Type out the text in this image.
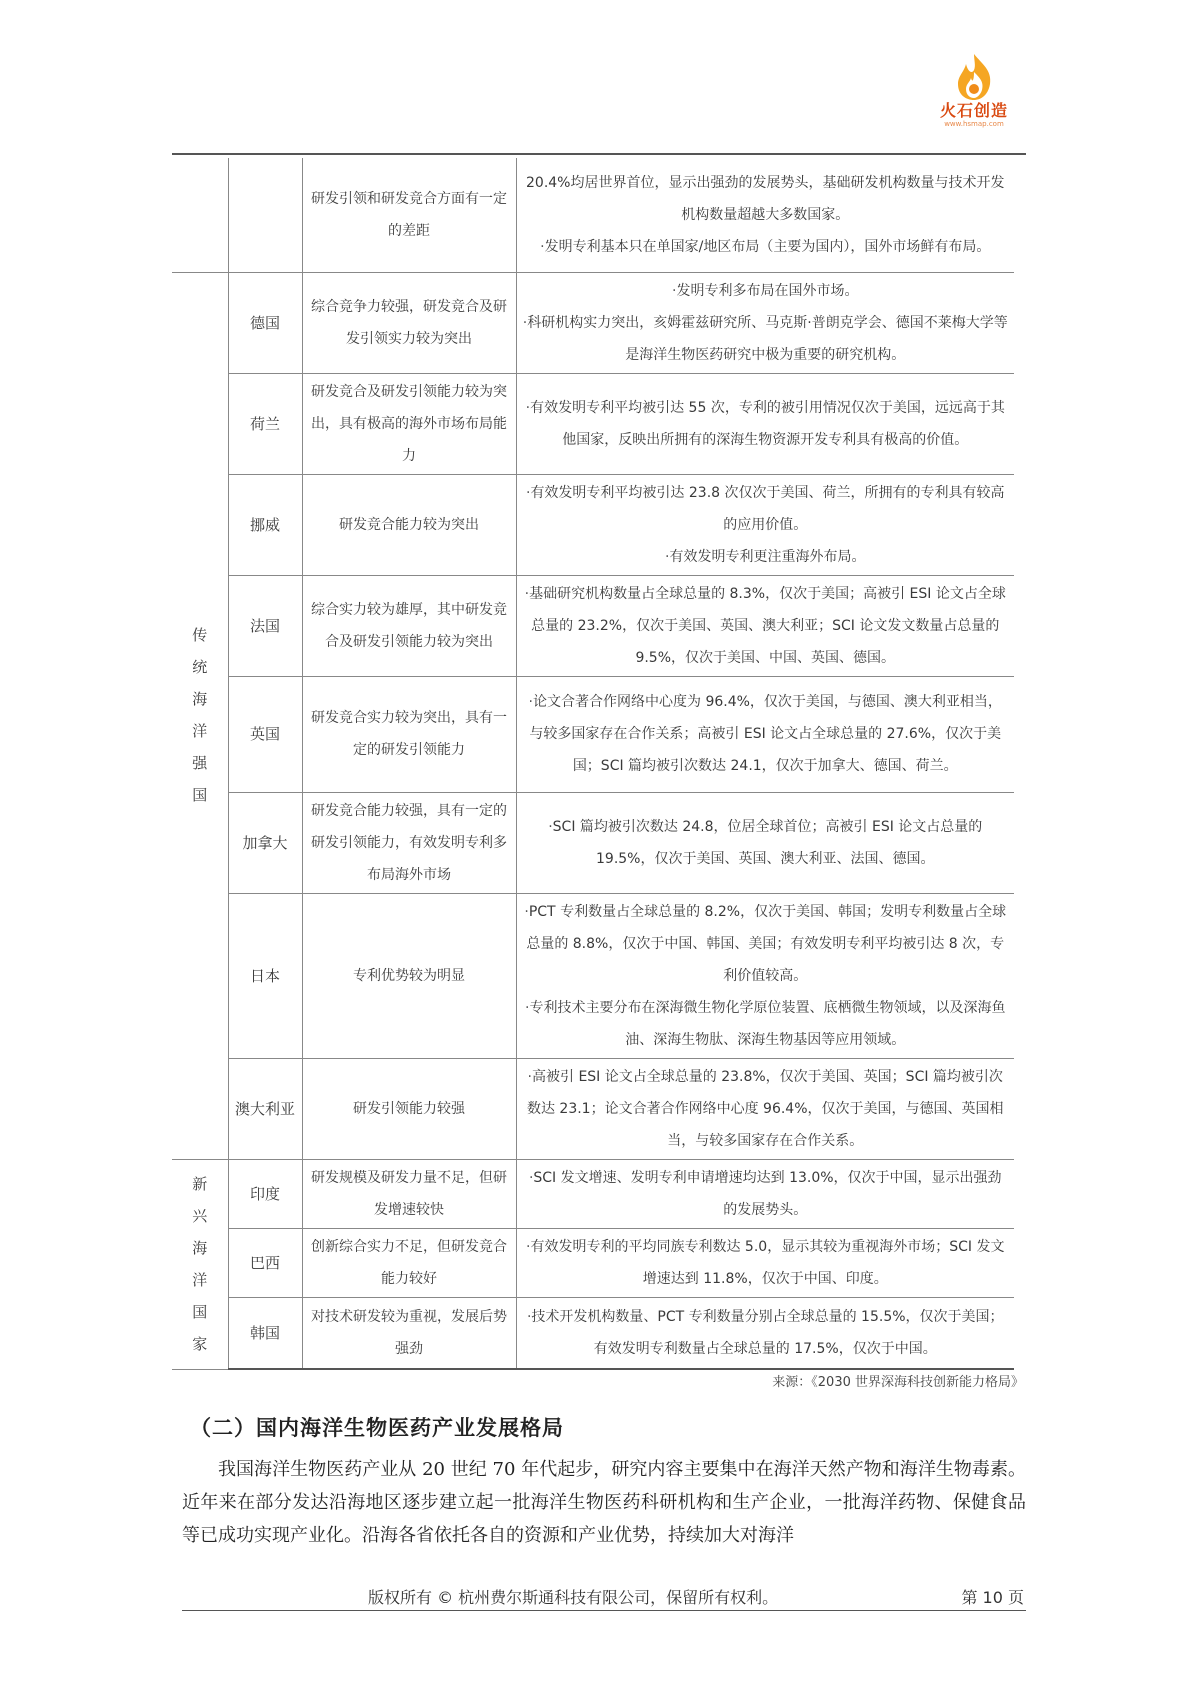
火石创造
www.hsmap.com
		研发引领和研发竞合方面有一定的差距	20.4%均居世界首位，显示出强劲的发展势头，基础研发机构数量与技术开发机构数量超越大多数国家。
·发明专利基本只在单国家/地区布局（主要为国内），国外市场鲜有布局。

传统海洋强国	德国	综合竞争力较强，研发竞合及研发引领实力较为突出	·发明专利多布局在国外市场。
·科研机构实力突出，亥姆霍兹研究所、马克斯·普朗克学会、德国不莱梅大学等是海洋生物医药研究中极为重要的研究机构。

	荷兰	研发竞合及研发引领能力较为突出，具有极高的海外市场布局能力	·有效发明专利平均被引达 55 次，专利的被引用情况仅次于美国，远远高于其他国家，反映出所拥有的深海生物资源开发专利具有极高的价值。

	挪威	研发竞合能力较为突出	·有效发明专利平均被引达 23.8 次仅次于美国、荷兰，所拥有的专利具有较高的应用价值。
·有效发明专利更注重海外布局。

	法国	综合实力较为雄厚，其中研发竞合及研发引领能力较为突出	·基础研究机构数量占全球总量的 8.3%，仅次于美国；高被引 ESI 论文占全球总量的 23.2%，仅次于美国、英国、澳大利亚；SCI 论文发文数量占总量的 9.5%，仅次于美国、中国、英国、德国。

	英国	研发竞合实力较为突出，具有一定的研发引领能力	·论文合著合作网络中心度为 96.4%，仅次于美国，与德国、澳大利亚相当，与较多国家存在合作关系；高被引 ESI 论文占全球总量的 27.6%，仅次于美国；SCI 篇均被引次数达 24.1，仅次于加拿大、德国、荷兰。

	加拿大	研发竞合能力较强，具有一定的研发引领能力，有效发明专利多布局海外市场	·SCI 篇均被引次数达 24.8，位居全球首位；高被引 ESI 论文占总量的 19.5%，仅次于美国、英国、澳大利亚、法国、德国。

	日本	专利优势较为明显	·PCT 专利数量占全球总量的 8.2%，仅次于美国、韩国；发明专利数量占全球总量的 8.8%，仅次于中国、韩国、美国；有效发明专利平均被引达 8 次，专利价值较高。
·专利技术主要分布在深海微生物化学原位装置、底栖微生物领域，以及深海鱼油、深海生物肽、深海生物基因等应用领域。

	澳大利亚	研发引领能力较强	·高被引 ESI 论文占全球总量的 23.8%，仅次于美国、英国；SCI 篇均被引次数达 23.1；论文合著合作网络中心度 96.4%，仅次于美国，与德国、英国相当，与较多国家存在合作关系。

新兴海洋国家	印度	研发规模及研发力量不足，但研发增速较快	·SCI 发文增速、发明专利申请增速均达到 13.0%，仅次于中国，显示出强劲的发展势头。

	巴西	创新综合实力不足，但研发竞合能力较好	·有效发明专利的平均同族专利数达 5.0，显示其较为重视海外市场；SCI 发文增速达到 11.8%，仅次于中国、印度。

	韩国	对技术研发较为重视，发展后势强劲	·技术开发机构数量、PCT 专利数量分别占全球总量的 15.5%，仅次于美国；有效发明专利数量占全球总量的 17.5%，仅次于中国。
来源：《2030 世界深海科技创新能力格局》
（二）国内海洋生物医药产业发展格局
我国海洋生物医药产业从 20 世纪 70 年代起步，研究内容主要集中在海洋天然产物和海洋生物毒素。近年来在部分发达沿海地区逐步建立起一批海洋生物医药科研机构和生产企业，一批海洋药物、保健食品等已成功实现产业化。沿海各省依托各自的资源和产业优势，持续加大对海洋
版权所有 © 杭州费尔斯通科技有限公司，保留所有权利。	第 10 页
